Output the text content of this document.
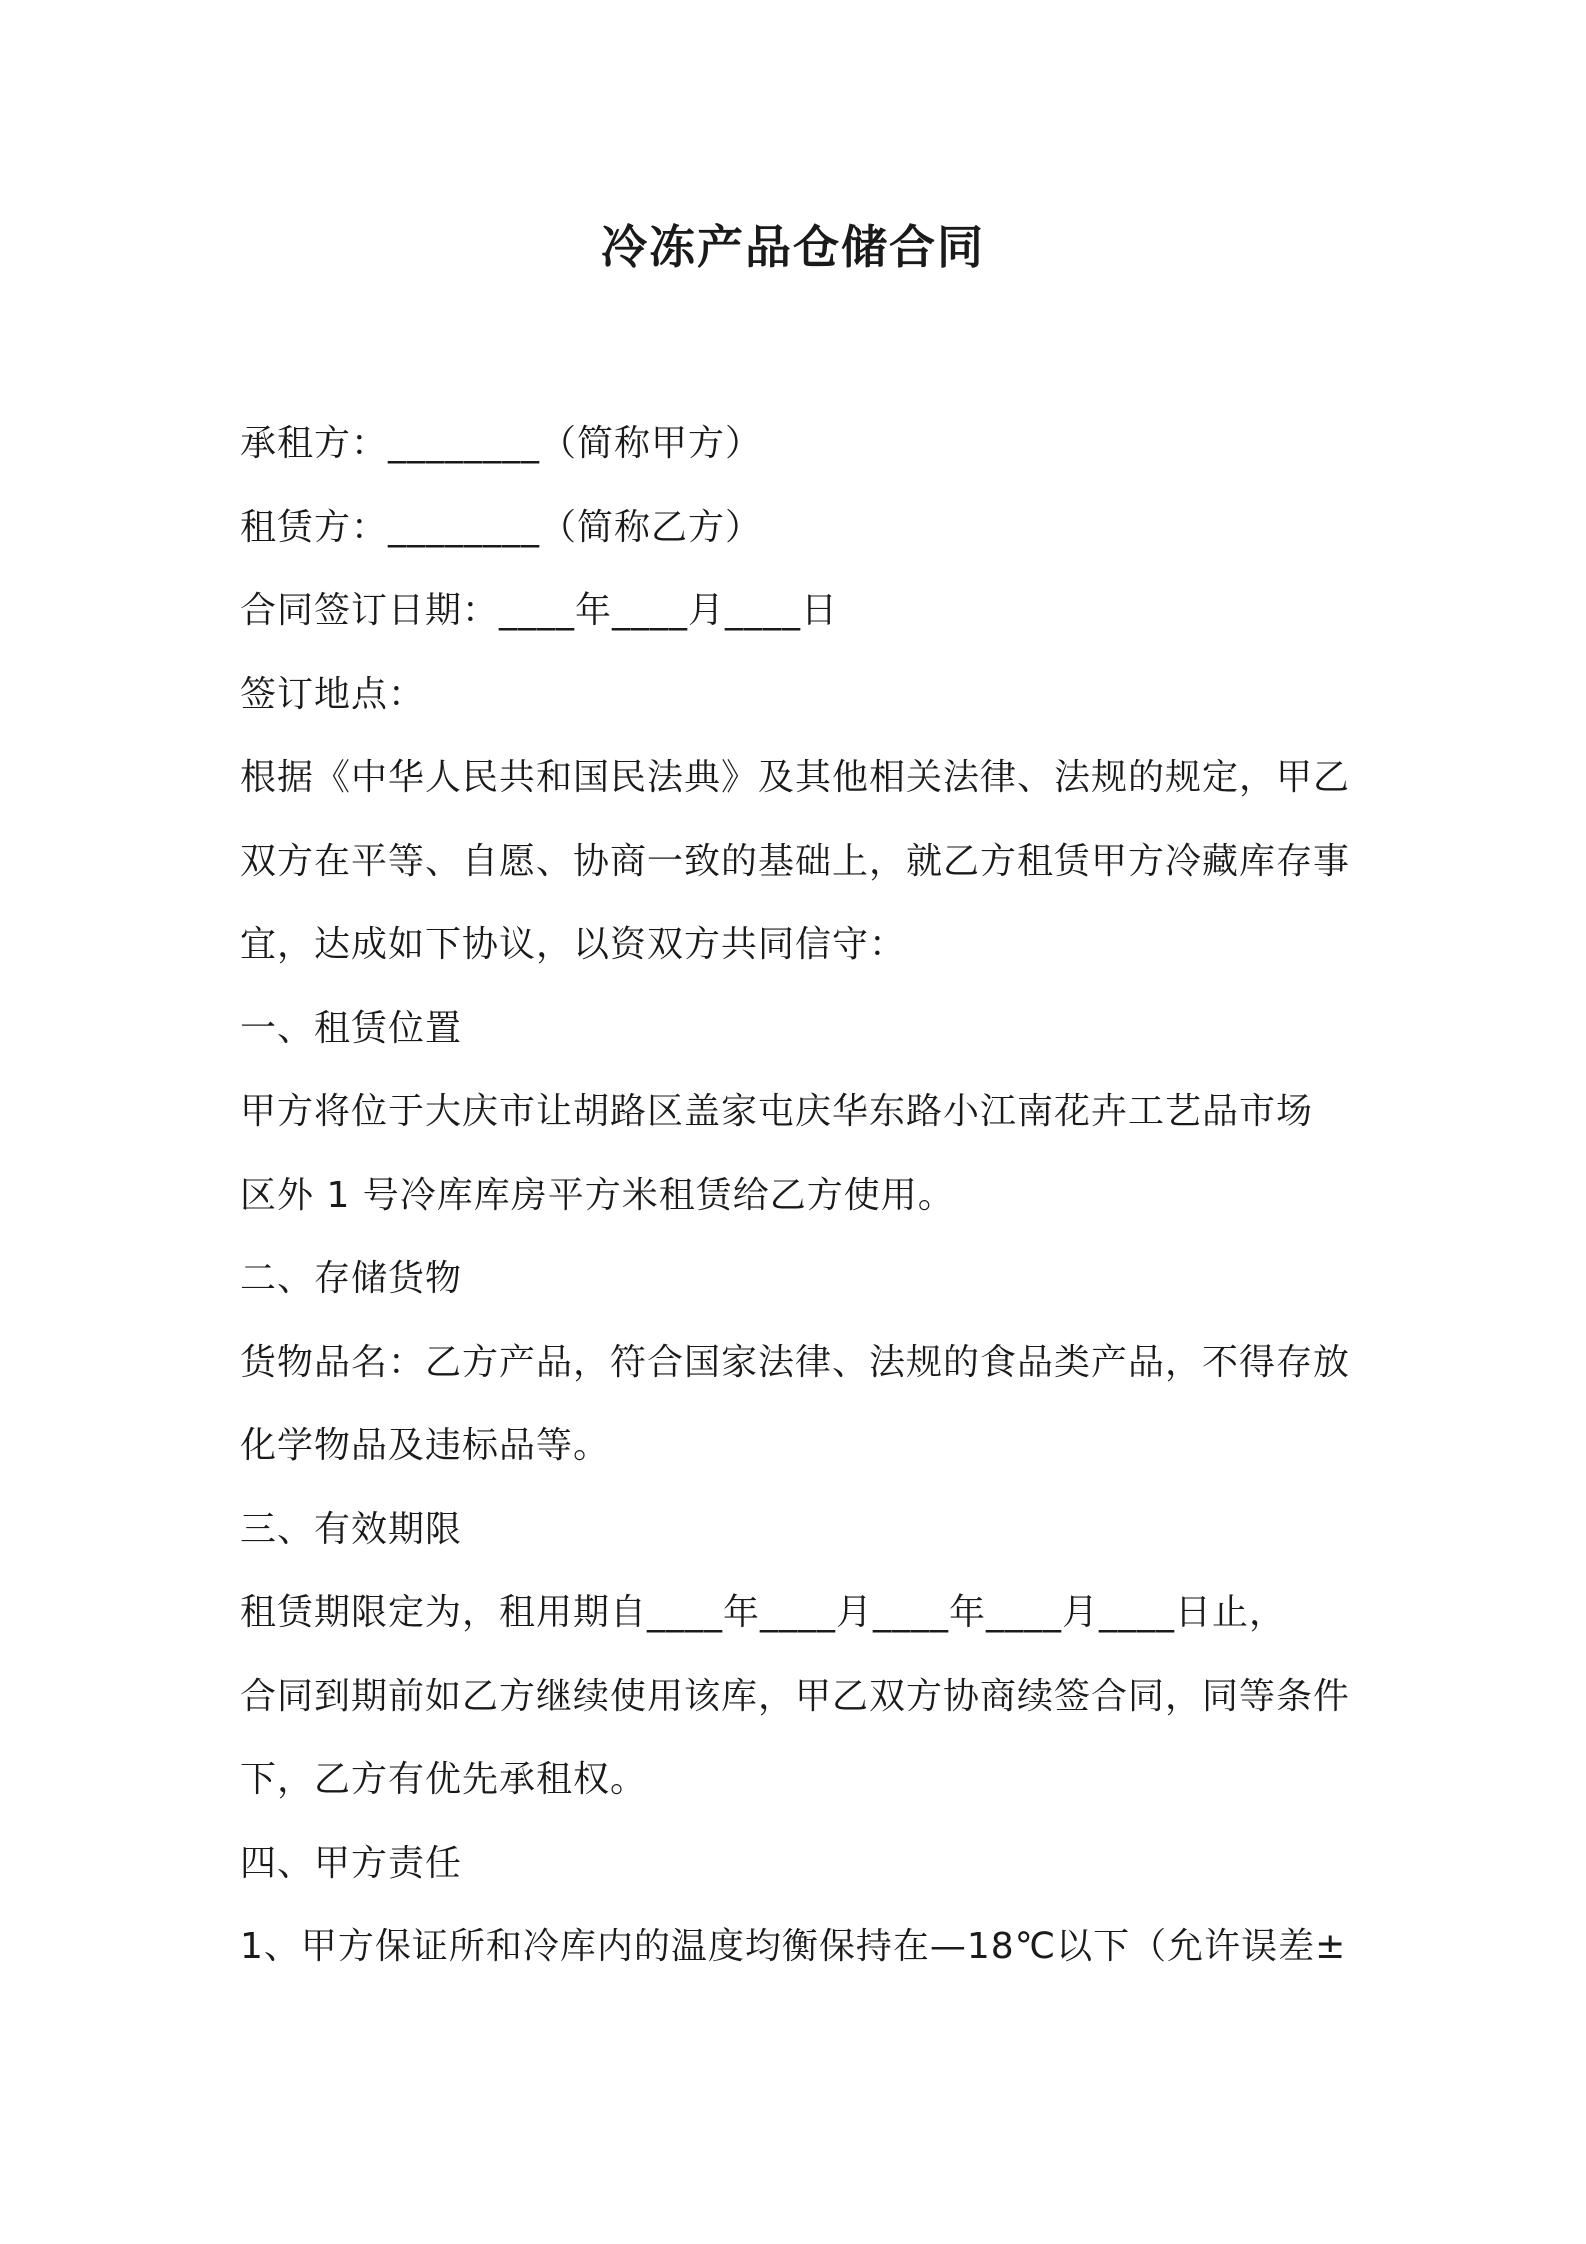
冷冻产品仓储合同
承租方：________（简称甲方）
租赁方：________（简称乙方）
合同签订日期：____年____月____日
签订地点：
根据《中华人民共和国民法典》及其他相关法律、法规的规定，甲乙
双方在平等、自愿、协商一致的基础上，就乙方租赁甲方冷藏库存事
宜，达成如下协议，以资双方共同信守：
一、租赁位置
甲方将位于大庆市让胡路区盖家屯庆华东路小江南花卉工艺品市场
区外 1 号冷库库房平方米租赁给乙方使用。
二、存储货物
货物品名：乙方产品，符合国家法律、法规的食品类产品，不得存放
化学物品及违标品等。
三、有效期限
租赁期限定为，租用期自____年____月____年____月____日止，
合同到期前如乙方继续使用该库，甲乙双方协商续签合同，同等条件
下，乙方有优先承租权。
四、甲方责任
1、甲方保证所和冷库内的温度均衡保持在—18℃以下（允许误差±
